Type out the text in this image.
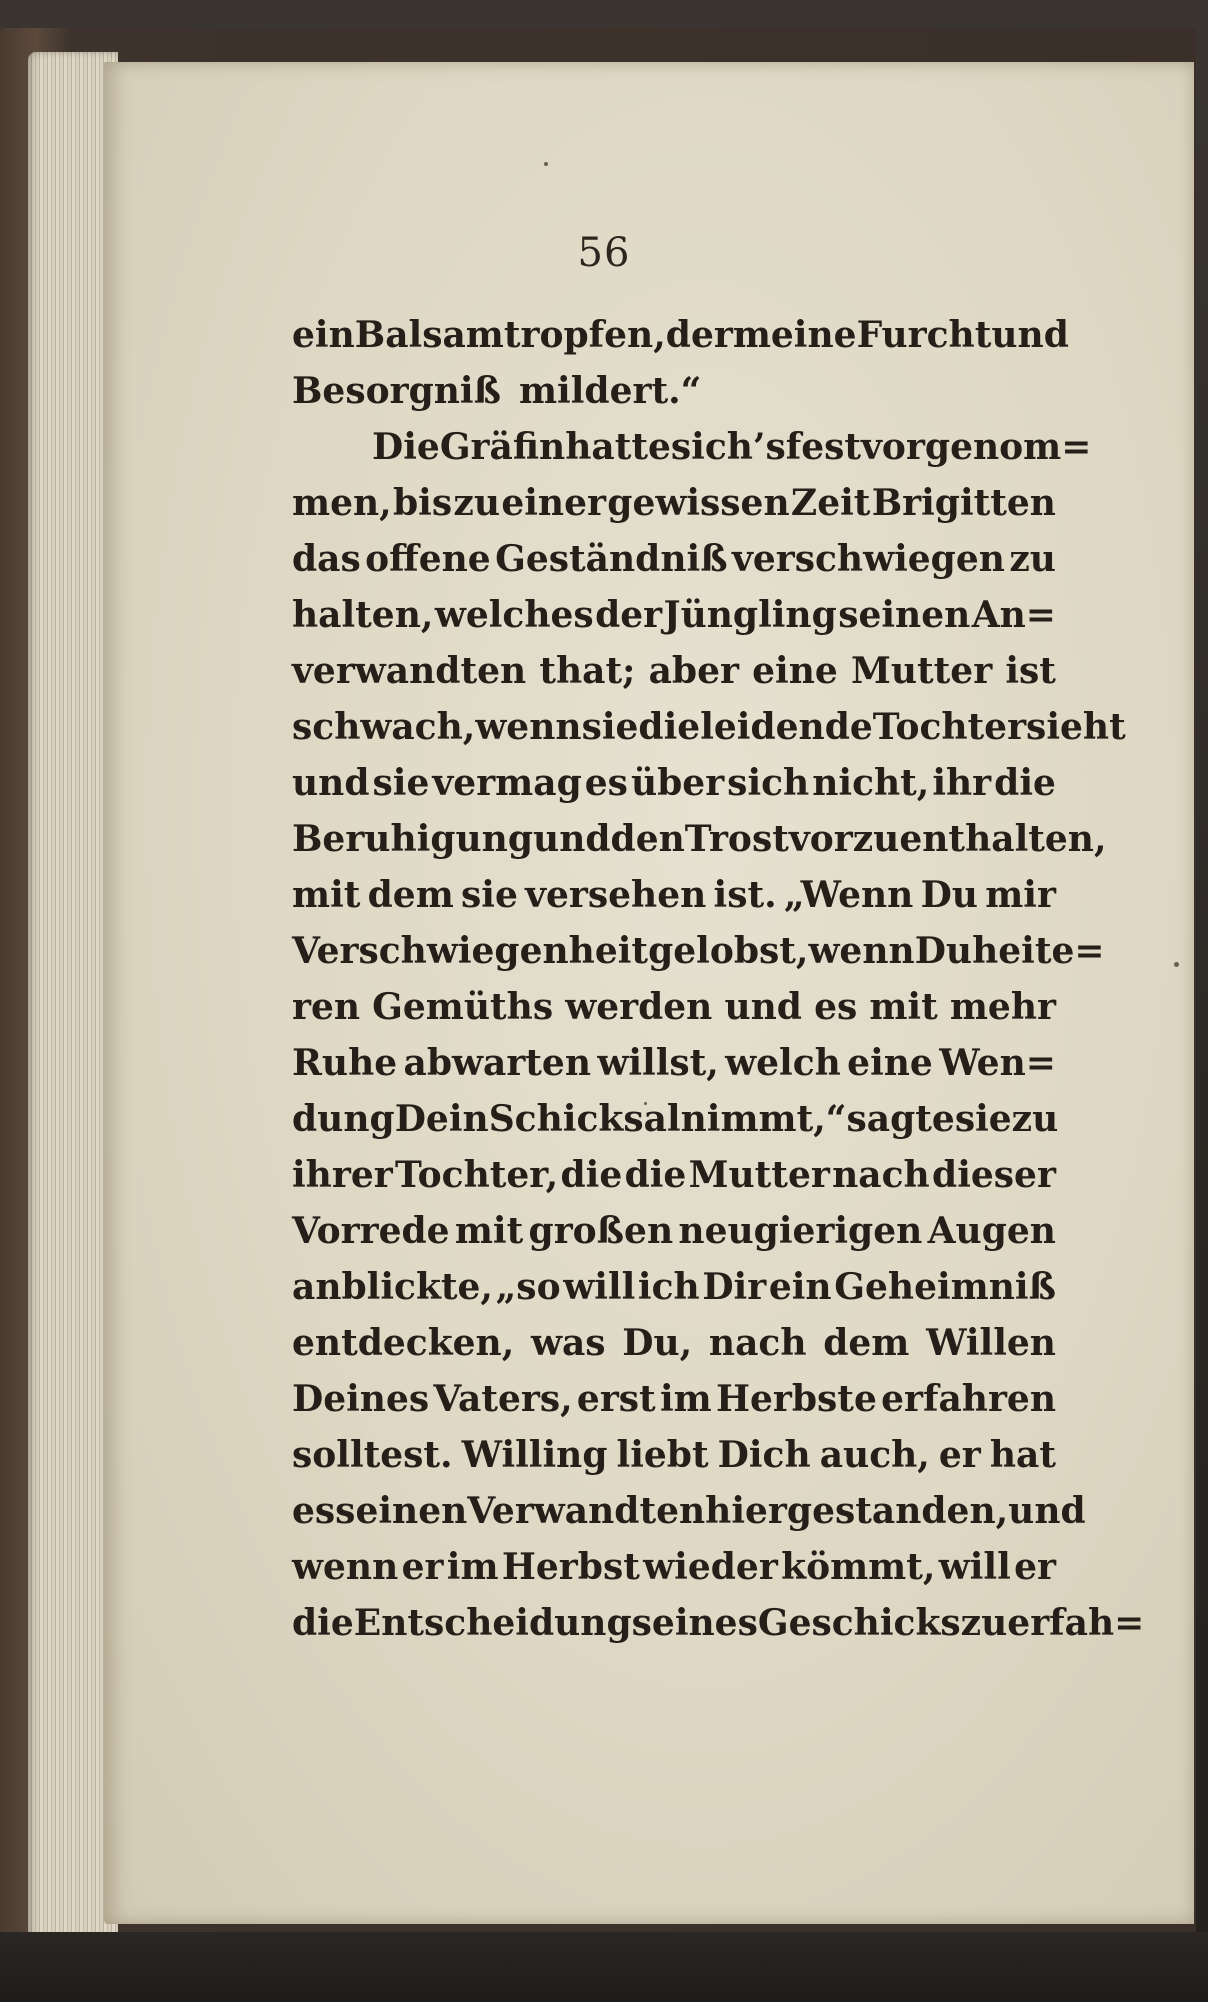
56
ein Balsamtropfen, der meine Furcht und
Besorgniß mildert.“
Die Gräfin hatte sich’s fest vorgenom=
men, bis zu einer gewissen Zeit Brigitten
das offene Geständniß verschwiegen zu
halten, welches der Jüngling seinen An=
verwandten that; aber eine Mutter ist
schwach, wenn sie die leidende Tochter sieht
und sie vermag es über sich nicht, ihr die
Beruhigung und den Trost vorzuenthalten,
mit dem sie versehen ist. „Wenn Du mir
Verschwiegenheit gelobst, wenn Du heite=
ren Gemüths werden und es mit mehr
Ruhe abwarten willst, welch eine Wen=
dung Dein Schicksal nimmt,“ sagte sie zu
ihrer Tochter, die die Mutter nach dieser
Vorrede mit großen neugierigen Augen
anblickte, „so will ich Dir ein Geheimniß
entdecken, was Du, nach dem Willen
Deines Vaters, erst im Herbste erfahren
solltest. Willing liebt Dich auch, er hat
es seinen Verwandten hier gestanden, und
wenn er im Herbst wieder kömmt, will er
die Entscheidung seines Geschicks zu erfah=
